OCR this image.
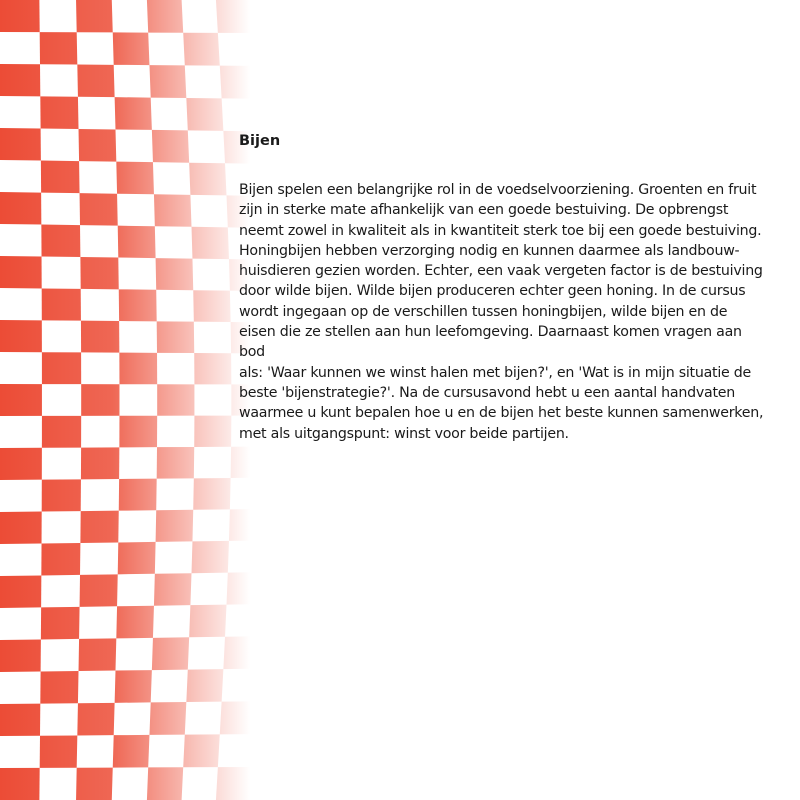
Bijen

Bijen spelen een belangrijke rol in de voedselvoorziening. Groenten en fruit
zijn in sterke mate afhankelijk van een goede bestuiving. De opbrengst
neemt zowel in kwaliteit als in kwantiteit sterk toe bij een goede bestuiving.
Honingbijen hebben verzorging nodig en kunnen daarmee als landbouw-
huisdieren gezien worden. Echter, een vaak vergeten factor is de bestuiving
door wilde bijen. Wilde bijen produceren echter geen honing. In de cursus
wordt ingegaan op de verschillen tussen honingbijen, wilde bijen en de
eisen die ze stellen aan hun leefomgeving. Daarnaast komen vragen aan bod
als: 'Waar kunnen we winst halen met bijen?', en 'Wat is in mijn situatie de
beste 'bijenstrategie?'. Na de cursusavond hebt u een aantal handvaten
waarmee u kunt bepalen hoe u en de bijen het beste kunnen samenwerken,
met als uitgangspunt: winst voor beide partijen.
